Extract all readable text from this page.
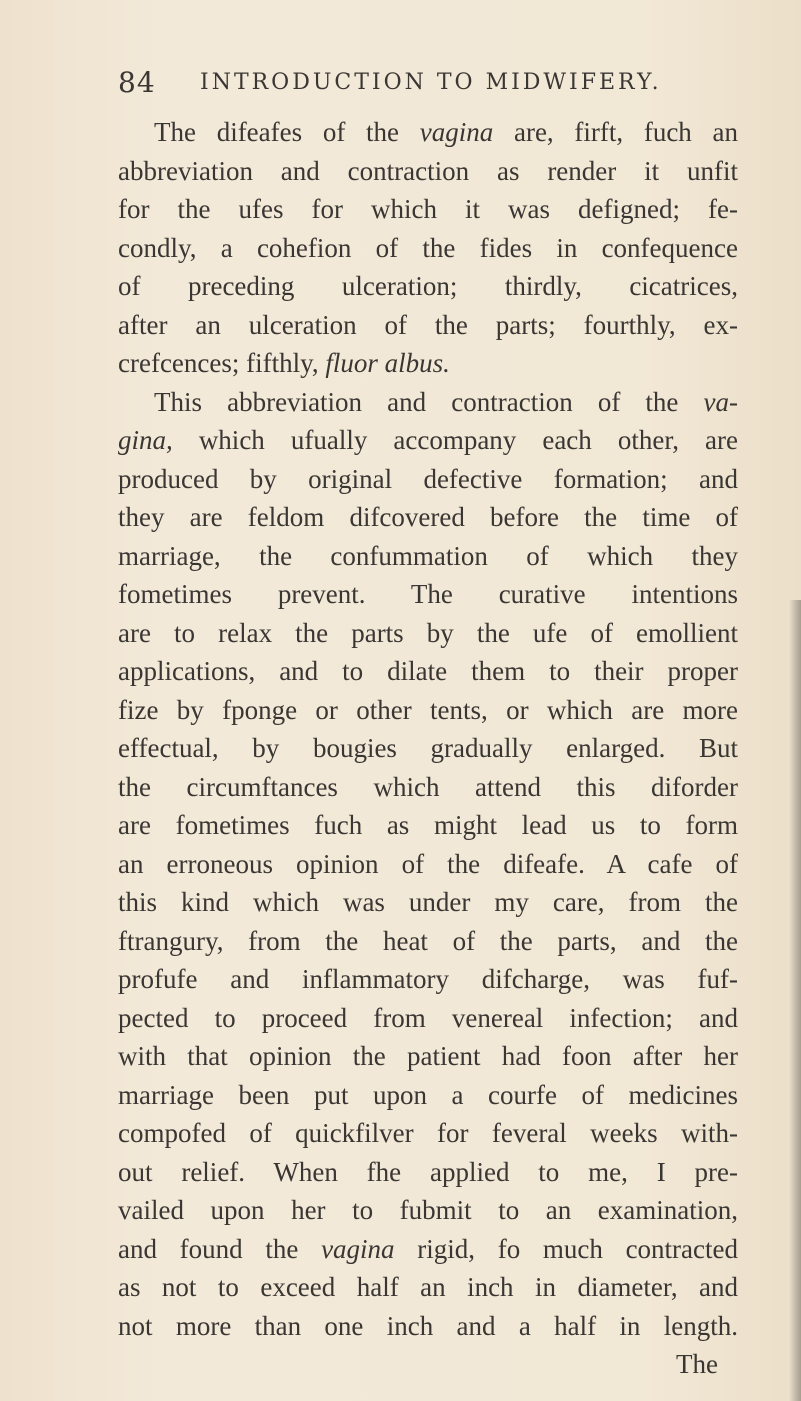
84 INTRODUCTION TO MIDWIFERY.

The difeafes of the vagina are, firft, fuch an
abbreviation and contraction as render it unfit
for the ufes for which it was defigned; fe-
condly, a cohefion of the fides in confequence
of preceding ulceration; thirdly, cicatrices,
after an ulceration of the parts; fourthly, ex-
crefcences; fifthly, fluor albus.

This abbreviation and contraction of the va-
gina, which ufually accompany each other, are
produced by original defective formation; and
they are feldom difcovered before the time of
marriage, the confummation of which they
fometimes prevent. The curative intentions
are to relax the parts by the ufe of emollient
applications, and to dilate them to their proper
fize by fponge or other tents, or which are more
effectual, by bougies gradually enlarged. But
the circumftances which attend this diforder
are fometimes fuch as might lead us to form
an erroneous opinion of the difeafe. A cafe of
this kind which was under my care, from the
ftrangury, from the heat of the parts, and the
profufe and inflammatory difcharge, was fuf-
pected to proceed from venereal infection; and
with that opinion the patient had foon after her
marriage been put upon a courfe of medicines
compofed of quickfilver for feveral weeks with-
out relief. When fhe applied to me, I pre-
vailed upon her to fubmit to an examination,
and found the vagina rigid, fo much contracted
as not to exceed half an inch in diameter, and
not more than one inch and a half in length.

The
